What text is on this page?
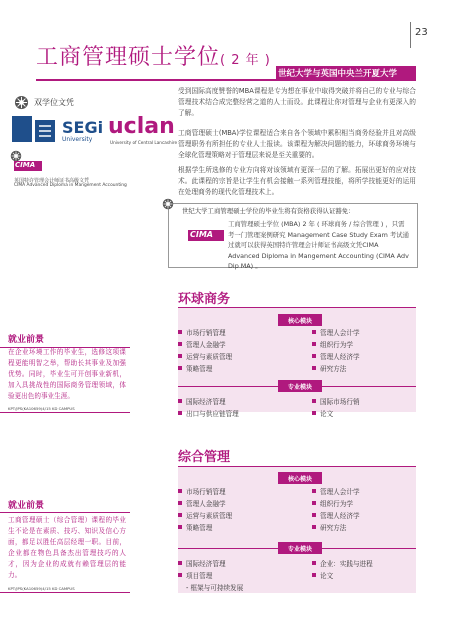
23
工商管理硕士学位( 2 年 )
世纪大学与英国中央兰开夏大学
双学位文凭
SEGi
University
uclan
University of Central Lancashire
CIMA
英国特许管理会计师证书高级文凭
CIMA Advanced Diploma in Mangement Accounting
受到国际高度赞誉的MBA课程是专为想在事业中取得突破并将自己的专业与综合管理技术结合成完整经营之道的人士而设。此课程让你对管理与企业有更深入的了解。
工商管理硕士(MBA)学位课程适合来自各个领域中累积相当商务经验并且对高级管理职务有所担任的专业人士报读。该课程为解决问题的能力，环球商务环境与全球化管理策略对于管理层来说是至关重要的。
根据学生所选修的专业方向将对该领域有更深一层的了解。拓展出更好的应对技术。此课程的宗旨是让学生有机会接触一系列管理技能，将所学技能更好的运用在处理商务的现代化管理技术上。
世纪大学工商管理硕士学位的毕业生将有资格获得认证豁免：
CIMA
工商管理硕士学位 (MBA) 2 年 ( 环球商务 / 综合管理 ) ，只需考一门管理案例研究 Management Case Study Exam 考试通过就可以获得英国特许管理会计师证书高级文凭CIMA Advanced Diploma in Mangement Accounting (CIMA Adv Dip MA) 。
环球商务
就业前景
在企业环境工作的毕业生，选修这项课程更能明智之举，帮助长其事业及加强优势。同时，毕业生可开创事业新机，加入具挑战性的国际商务管理领域，体验更出色的事业生涯。
KPT/JPS(KA10659)4/15 KD CAMPUS
核心模块
市场行销管理
管理人金融学
运营与素质管理
策略管理
管理人会计学
组织行为学
管理人经济学
研究方法
专业模块
国际经济管理
出口与供应链管理
国际市场行销
论文
综合管理
就业前景
工商管理硕士（综合管理）课程的毕业生不论是在素质、技巧、知识及信心方面，都足以胜任高层经理一职。目前，企业都在物色具备杰出管理技巧的人才，因为企业的成就有赖管理层的能力。
KPT/JPS(KA10659)4/15 KD CAMPUS
核心模块
市场行销管理
管理人金融学
运营与素质管理
策略管理
管理人会计学
组织行为学
管理人经济学
研究方法
专业模块
国际经济管理
项目管理
- 框架与可持续发展
企业：实践与进程
论文
